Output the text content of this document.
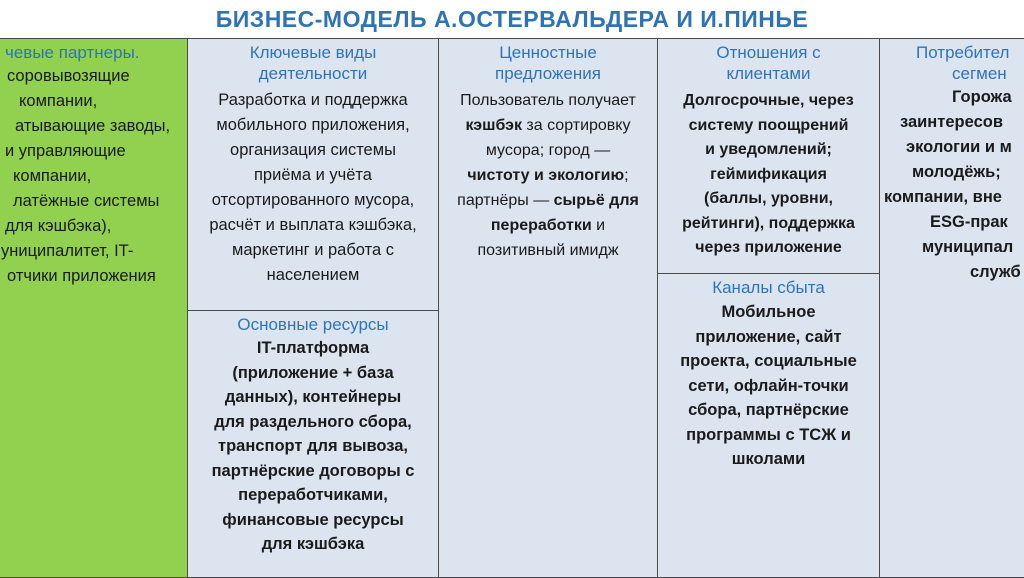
БИЗНЕС-МОДЕЛЬ А.ОСТЕРВАЛЬДЕРА И И.ПИНЬЕ
чевые партнеры.
соровывозящие
компании,
атывающие заводы,
и управляющие
компании,
латёжные системы
для кэшбэка),
униципалитет, IT-
отчики приложения
Ключевые виды
деятельности
Разработка и поддержка
мобильного приложения,
организация системы
приёма и учёта
отсортированного мусора,
расчёт и выплата кэшбэка,
маркетинг и работа с
населением
Основные ресурсы
IT-платформа
(приложение + база
данных), контейнеры
для раздельного сбора,
транспорт для вывоза,
партнёрские договоры с
переработчиками,
финансовые ресурсы
для кэшбэка
Ценностные
предложения
Пользователь получает
кэшбэк за сортировку
мусора; город —
чистоту и экологию;
партнёры — сырьё для
переработки и
позитивный имидж
Отношения с
клиентами
Долгосрочные, через
систему поощрений
и уведомлений;
геймификация
(баллы, уровни,
рейтинги), поддержка
через приложение
Каналы сбыта
Мобильное
приложение, сайт
проекта, социальные
сети, офлайн-точки
сбора, партнёрские
программы с ТСЖ и
школами
Потребител
сегмен
Горожа
заинтересов
экологии и м
молодёжь;
компании, вне
ESG-прак
муниципал
служб
